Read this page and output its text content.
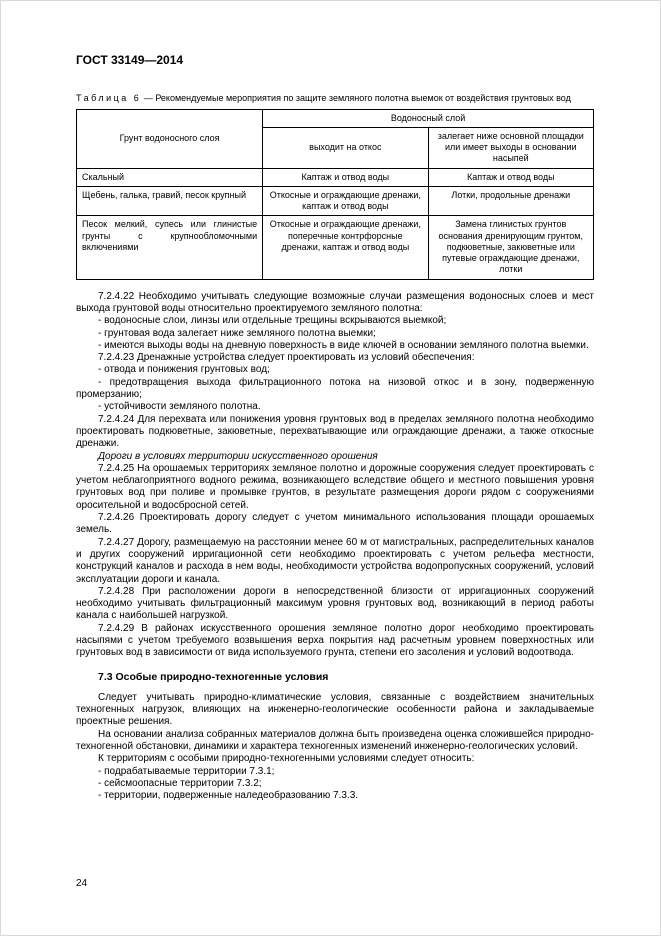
ГОСТ 33149—2014

Таблица 6 — Рекомендуемые мероприятия по защите земляного полотна выемок от воздействия грунтовых вод

Грунт водоносного слоя	Водоносный слой	
	выходит на откос	залегает ниже основной площадки или имеет выходы в основании насыпей
Скальный	Каптаж и отвод воды	Каптаж и отвод воды
Щебень, галька, гравий, песок крупный	Откосные и ограждающие дренажи, каптаж и отвод воды	Лотки, продольные дренажи
Песок мелкий, супесь или глинистые грунты с крупнообломочными включениями	Откосные и ограждающие дренажи, поперечные контрфорсные дренажи, каптаж и отвод воды	Замена глинистых грунтов основания дренирующим грунтом, подкюветные, закюветные или путевые ограждающие дренажи, лотки

7.2.4.22 Необходимо учитывать следующие возможные случаи размещения водоносных слоев и мест выхода грунтовой воды относительно проектируемого земляного полотна:

- водоносные слои, линзы или отдельные трещины вскрываются выемкой;

- грунтовая вода залегает ниже земляного полотна выемки;

- имеются выходы воды на дневную поверхность в виде ключей в основании земляного полотна выемки.

7.2.4.23 Дренажные устройства следует проектировать из условий обеспечения:

- отвода и понижения грунтовых вод;

- предотвращения выхода фильтрационного потока на низовой откос и в зону, подверженную промерзанию;

- устойчивости земляного полотна.

7.2.4.24 Для перехвата или понижения уровня грунтовых вод в пределах земляного полотна необходимо проектировать подкюветные, закюветные, перехватывающие или ограждающие дренажи, а также откосные дренажи.

Дороги в условиях территории искусственного орошения

7.2.4.25 На орошаемых территориях земляное полотно и дорожные сооружения следует проектировать с учетом неблагоприятного водного режима, возникающего вследствие общего и местного повышения уровня грунтовых вод при поливе и промывке грунтов, в результате размещения дороги рядом с сооружениями оросительной и водосбросной сетей.

7.2.4.26 Проектировать дорогу следует с учетом минимального использования площади орошаемых земель.

7.2.4.27 Дорогу, размещаемую на расстоянии менее 60 м от магистральных, распределительных каналов и других сооружений ирригационной сети необходимо проектировать с учетом рельефа местности, конструкций каналов и расхода в нем воды, необходимости устройства водопропускных сооружений, условий эксплуатации дороги и канала.

7.2.4.28 При расположении дороги в непосредственной близости от ирригационных сооружений необходимо учитывать фильтрационный максимум уровня грунтовых вод, возникающий в период работы канала с наибольшей нагрузкой.

7.2.4.29 В районах искусственного орошения земляное полотно дорог необходимо проектировать насыпями с учетом требуемого возвышения верха покрытия над расчетным уровнем поверхностных или грунтовых вод в зависимости от вида используемого грунта, степени его засоления и условий водоотвода.

7.3 Особые природно-техногенные условия

Следует учитывать природно-климатические условия, связанные с воздействием значительных техногенных нагрузок, влияющих на инженерно-геологические особенности района и закладываемые проектные решения.

На основании анализа собранных материалов должна быть произведена оценка сложившейся природно-техногенной обстановки, динамики и характера техногенных изменений инженерно-геологических условий.

К территориям с особыми природно-техногенными условиями следует относить:

- подрабатываемые территории 7.3.1;

- сейсмоопасные территории 7.3.2;

- территории, подверженные наледеобразованию 7.3.3.

24
